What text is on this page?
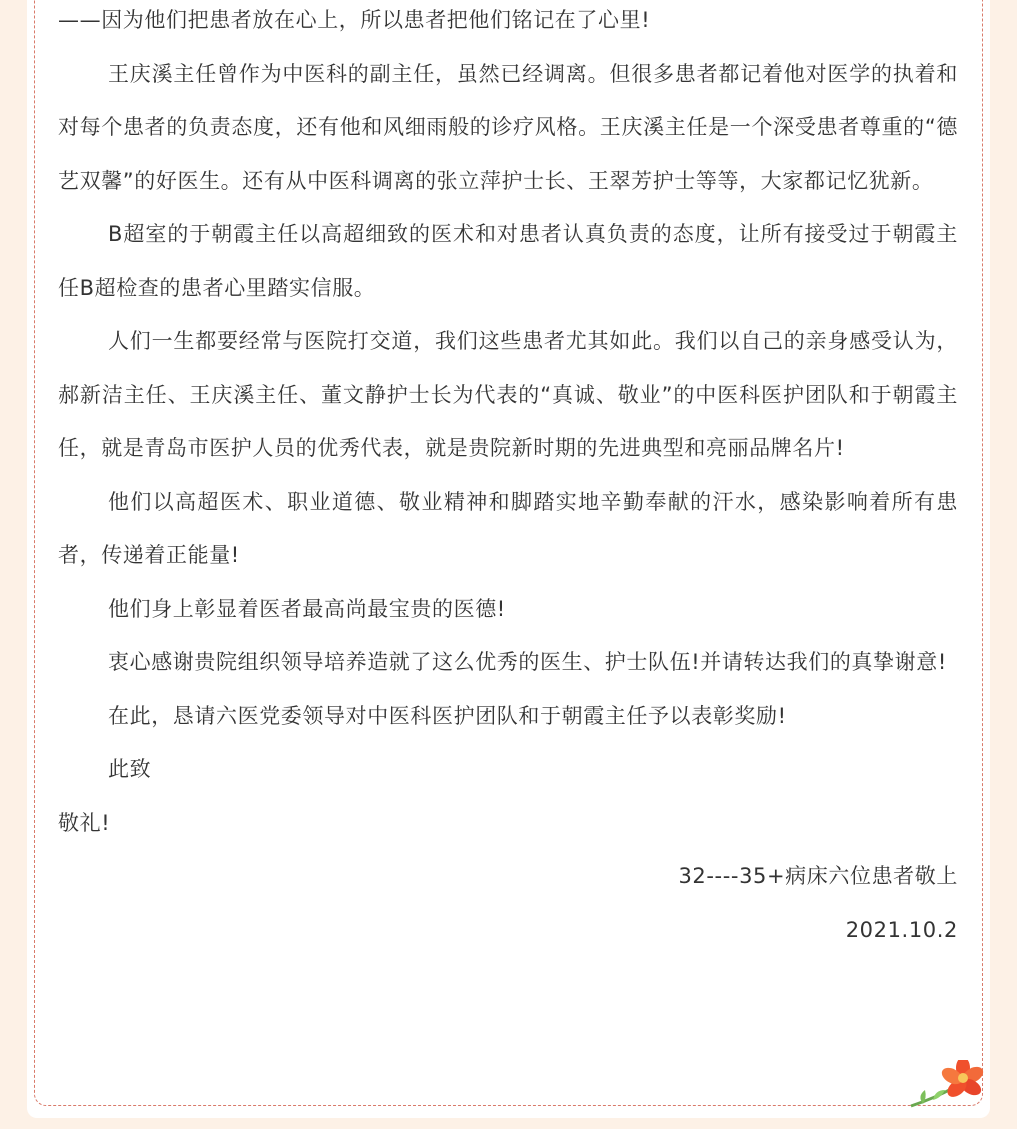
——因为他们把患者放在心上，所以患者把他们铭记在了心里!

王庆溪主任曾作为中医科的副主任，虽然已经调离。但很多患者都记着他对医学的执着和对每个患者的负责态度，还有他和风细雨般的诊疗风格。王庆溪主任是一个深受患者尊重的“德艺双馨”的好医生。还有从中医科调离的张立萍护士长、王翠芳护士等等，大家都记忆犹新。

B超室的于朝霞主任以高超细致的医术和对患者认真负责的态度，让所有接受过于朝霞主任B超检查的患者心里踏实信服。

人们一生都要经常与医院打交道，我们这些患者尤其如此。我们以自己的亲身感受认为，郝新洁主任、王庆溪主任、董文静护士长为代表的“真诚、敬业”的中医科医护团队和于朝霞主任，就是青岛市医护人员的优秀代表，就是贵院新时期的先进典型和亮丽品牌名片!

他们以高超医术、职业道德、敬业精神和脚踏实地辛勤奉献的汗水，感染影响着所有患者，传递着正能量!

他们身上彰显着医者最高尚最宝贵的医德!

衷心感谢贵院组织领导培养造就了这么优秀的医生、护士队伍!并请转达我们的真挚谢意!

在此，恳请六医党委领导对中医科医护团队和于朝霞主任予以表彰奖励!

此致

敬礼!

32----35+病床六位患者敬上

2021.10.2
